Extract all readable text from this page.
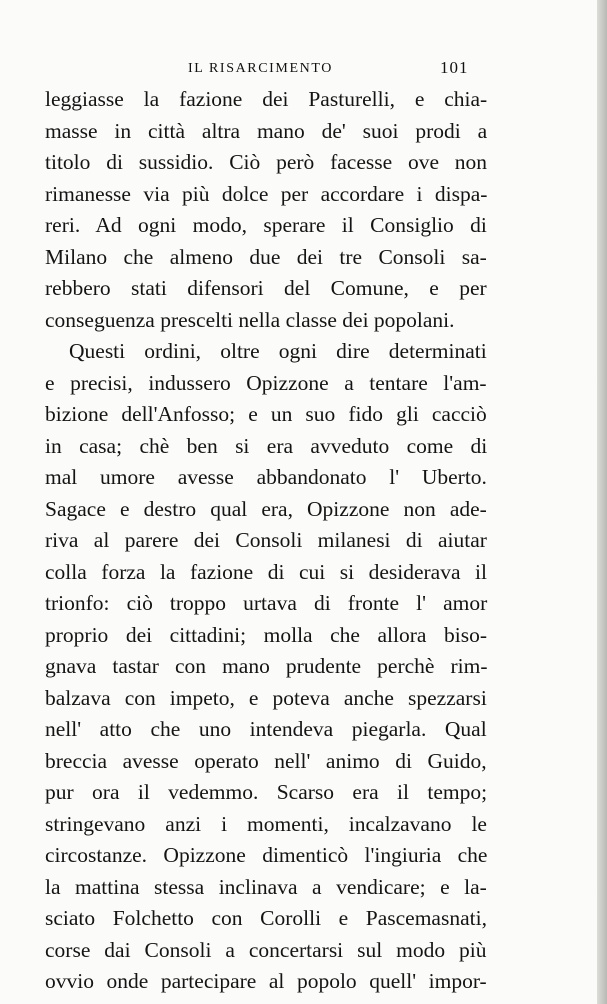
IL RISARCIMENTO	101
leggiasse la fazione dei Pasturelli, e chia-
masse in città altra mano de' suoi prodi a
titolo di sussidio. Ciò però facesse ove non
rimanesse via più dolce per accordare i dispa-
reri. Ad ogni modo, sperare il Consiglio di
Milano che almeno due dei tre Consoli sa-
rebbero stati difensori del Comune, e per
conseguenza prescelti nella classe dei popolani.
Questi ordini, oltre ogni dire determinati
e precisi, indussero Opizzone a tentare l'am-
bizione dell'Anfosso; e un suo fido gli cacciò
in casa; chè ben si era avveduto come di
mal umore avesse abbandonato l' Uberto.
Sagace e destro qual era, Opizzone non ade-
riva al parere dei Consoli milanesi di aiutar
colla forza la fazione di cui si desiderava il
trionfo: ciò troppo urtava di fronte l' amor
proprio dei cittadini; molla che allora biso-
gnava tastar con mano prudente perchè rim-
balzava con impeto, e poteva anche spezzarsi
nell' atto che uno intendeva piegarla. Qual
breccia avesse operato nell' animo di Guido,
pur ora il vedemmo. Scarso era il tempo;
stringevano anzi i momenti, incalzavano le
circostanze. Opizzone dimenticò l'ingiuria che
la mattina stessa inclinava a vendicare; e la-
sciato Folchetto con Corolli e Pascemasnati,
corse dai Consoli a concertarsi sul modo più
ovvio onde partecipare al popolo quell' impor-
